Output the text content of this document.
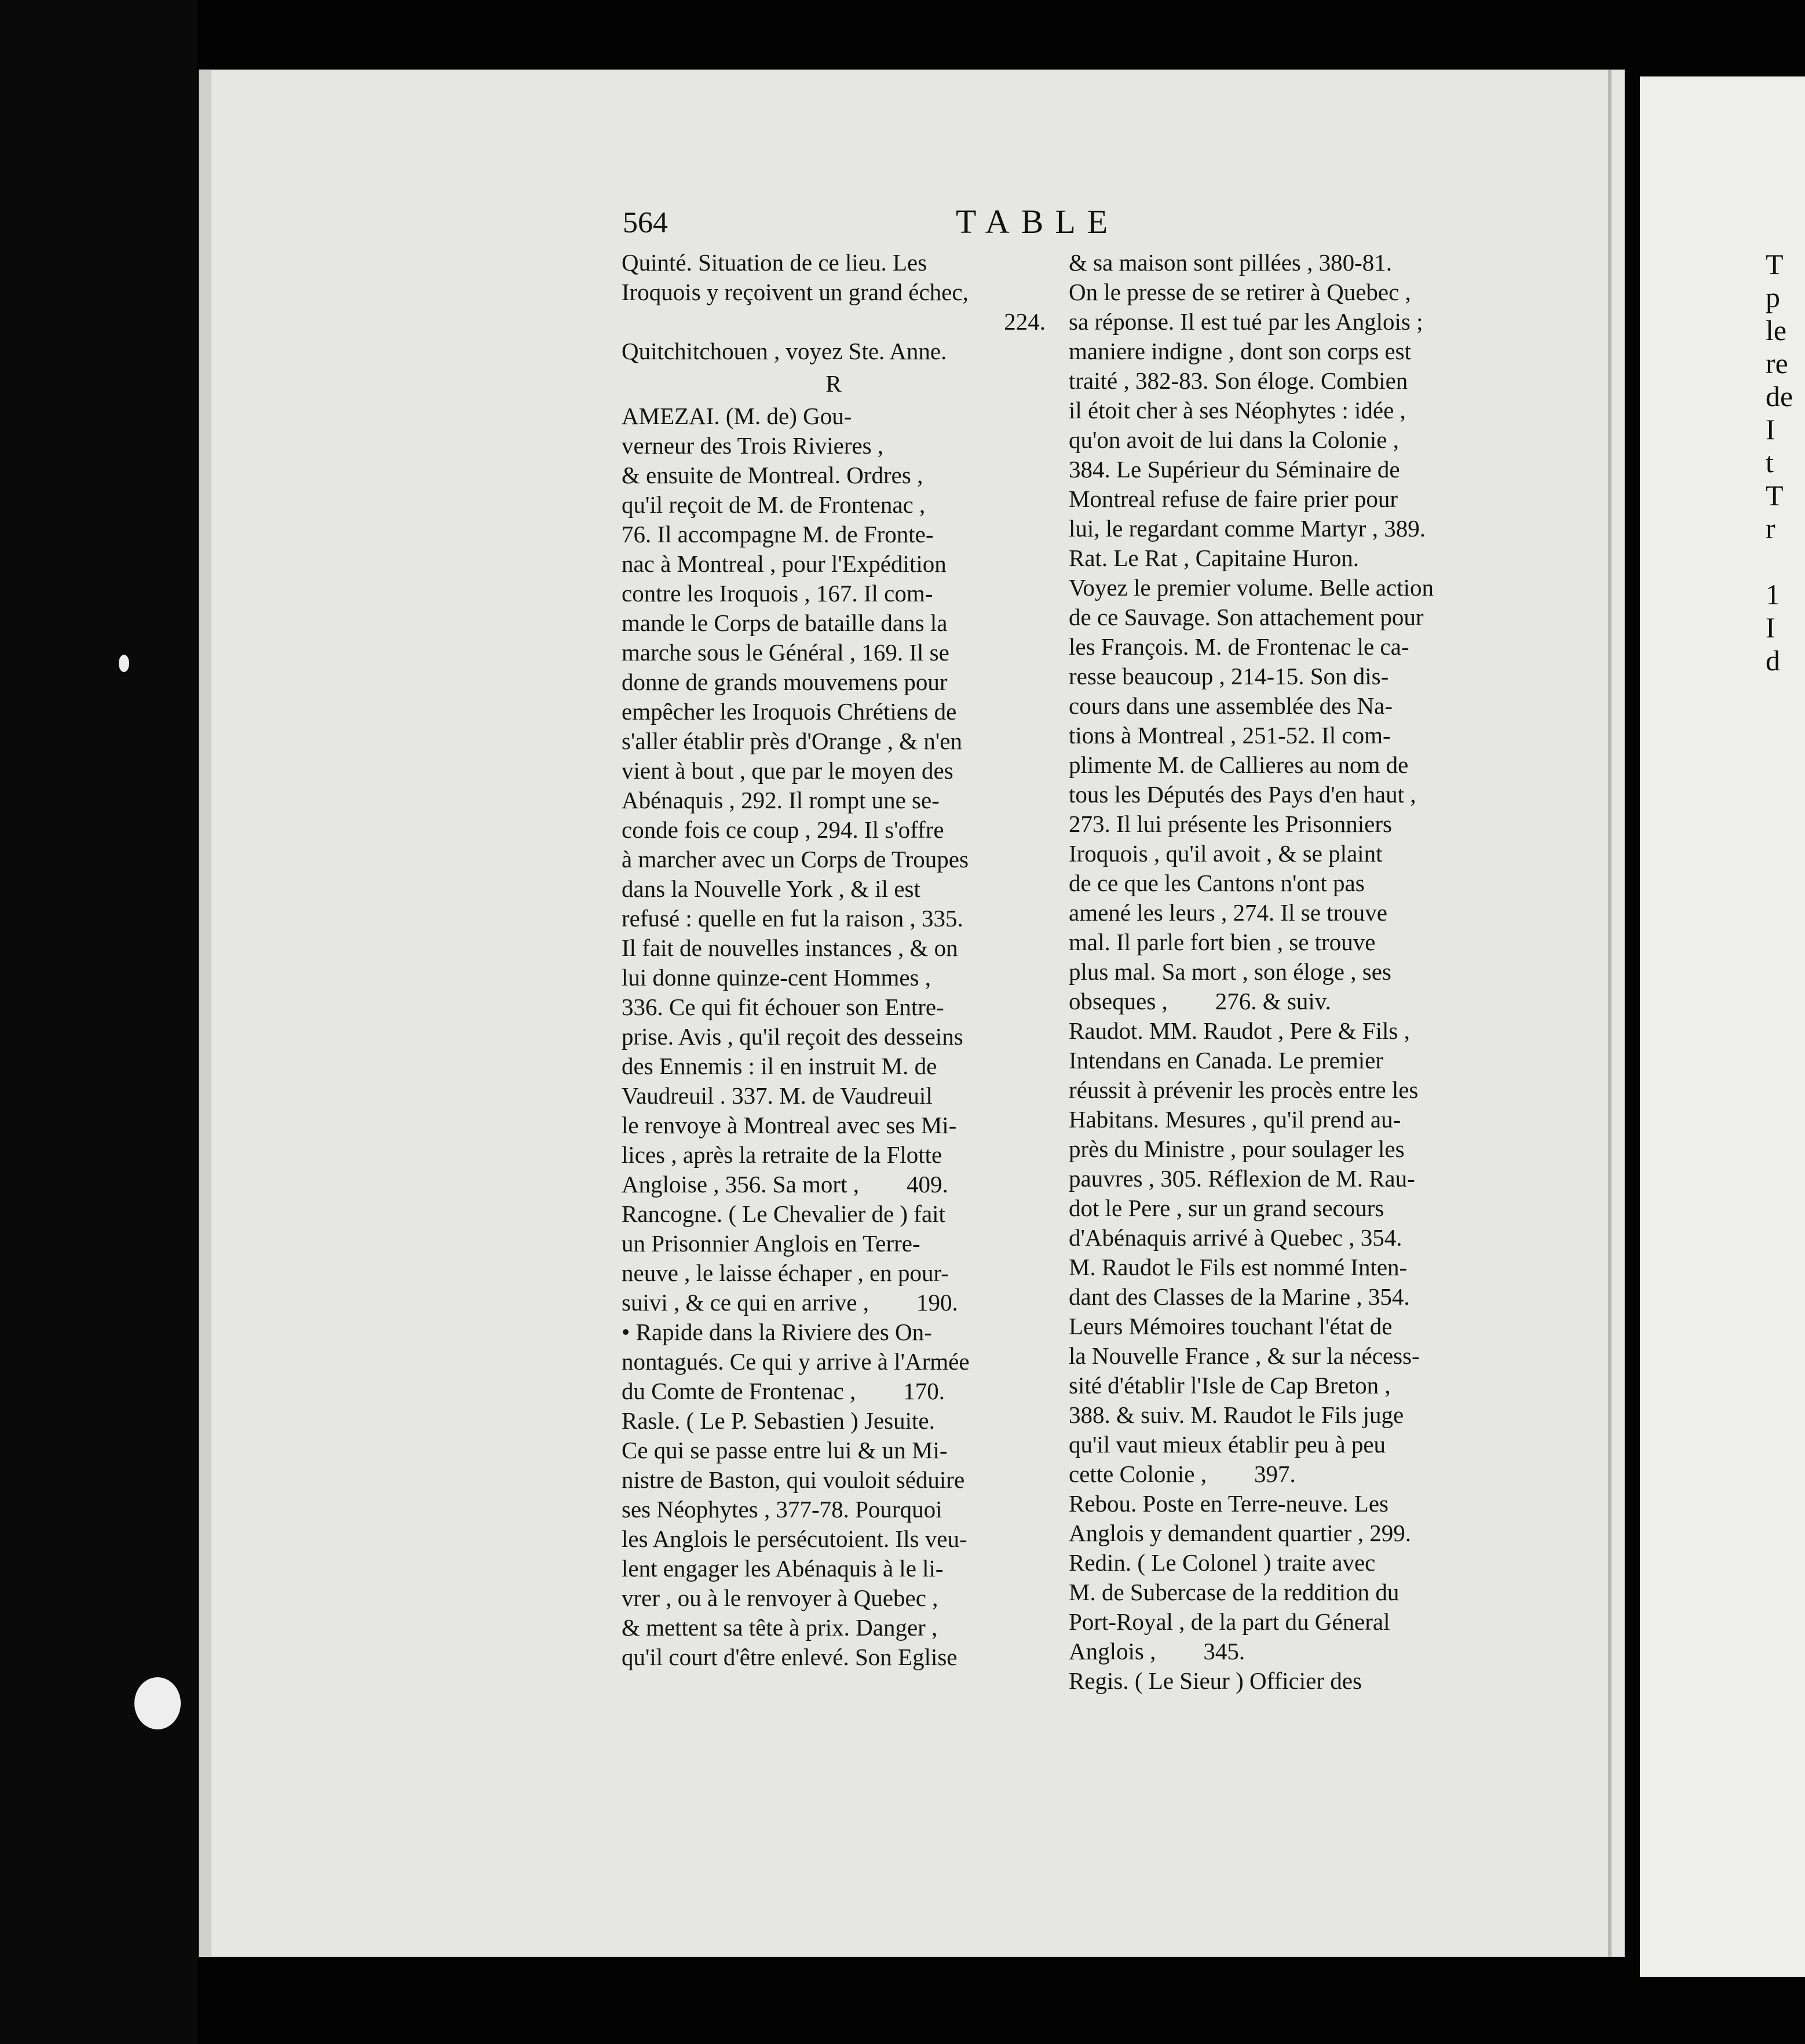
T
p
le
re
de
I
t
T
r
1
I
d
564	TABLE
Quinté. Situation de ce lieu. Les
Iroquois y reçoivent un grand échec,
224.
Quitchitchouen , voyez Ste. Anne.
R
AMEZAI. (M. de) Gou-
verneur des Trois Rivieres ,
& ensuite de Montreal. Ordres ,
qu'il reçoit de M. de Frontenac ,
76. Il accompagne M. de Fronte-
nac à Montreal , pour l'Expédition
contre les Iroquois , 167. Il com-
mande le Corps de bataille dans la
marche sous le Général , 169. Il se
donne de grands mouvemens pour
empêcher les Iroquois Chrétiens de
s'aller établir près d'Orange , & n'en
vient à bout , que par le moyen des
Abénaquis , 292. Il rompt une se-
conde fois ce coup , 294. Il s'offre
à marcher avec un Corps de Troupes
dans la Nouvelle York , & il est
refusé : quelle en fut la raison , 335.
Il fait de nouvelles instances , & on
lui donne quinze-cent Hommes ,
336. Ce qui fit échouer son Entre-
prise. Avis , qu'il reçoit des desseins
des Ennemis : il en instruit M. de
Vaudreuil . 337. M. de Vaudreuil
le renvoye à Montreal avec ses Mi-
lices , après la retraite de la Flotte
Angloise , 356. Sa mort ,        409.
Rancogne. ( Le Chevalier de ) fait
un Prisonnier Anglois en Terre-
neuve , le laisse échaper , en pour-
suivi , & ce qui en arrive ,        190.
• Rapide dans la Riviere des On-
nontagués. Ce qui y arrive à l'Armée
du Comte de Frontenac ,        170.
Rasle. ( Le P. Sebastien ) Jesuite.
Ce qui se passe entre lui & un Mi-
nistre de Baston, qui vouloit séduire
ses Néophytes , 377-78. Pourquoi
les Anglois le persécutoient. Ils veu-
lent engager les Abénaquis à le li-
vrer , ou à le renvoyer à Quebec ,
& mettent sa tête à prix. Danger ,
qu'il court d'être enlevé. Son Eglise
& sa maison sont pillées , 380-81.
On le presse de se retirer à Quebec ,
sa réponse. Il est tué par les Anglois ;
maniere indigne , dont son corps est
traité , 382-83. Son éloge. Combien
il étoit cher à ses Néophytes : idée ,
qu'on avoit de lui dans la Colonie ,
384. Le Supérieur du Séminaire de
Montreal refuse de faire prier pour
lui, le regardant comme Martyr , 389.
Rat. Le Rat , Capitaine Huron.
Voyez le premier volume. Belle action
de ce Sauvage. Son attachement pour
les François. M. de Frontenac le ca-
resse beaucoup , 214-15. Son dis-
cours dans une assemblée des Na-
tions à Montreal , 251-52. Il com-
plimente M. de Callieres au nom de
tous les Députés des Pays d'en haut ,
273. Il lui présente les Prisonniers
Iroquois , qu'il avoit , & se plaint
de ce que les Cantons n'ont pas
amené les leurs , 274. Il se trouve
mal. Il parle fort bien , se trouve
plus mal. Sa mort , son éloge , ses
obseques ,        276. & suiv.
Raudot. MM. Raudot , Pere & Fils ,
Intendans en Canada. Le premier
réussit à prévenir les procès entre les
Habitans. Mesures , qu'il prend au-
près du Ministre , pour soulager les
pauvres , 305. Réflexion de M. Rau-
dot le Pere , sur un grand secours
d'Abénaquis arrivé à Quebec , 354.
M. Raudot le Fils est nommé Inten-
dant des Classes de la Marine , 354.
Leurs Mémoires touchant l'état de
la Nouvelle France , & sur la nécess-
sité d'établir l'Isle de Cap Breton ,
388. & suiv. M. Raudot le Fils juge
qu'il vaut mieux établir peu à peu
cette Colonie ,        397.
Rebou. Poste en Terre-neuve. Les
Anglois y demandent quartier , 299.
Redin. ( Le Colonel ) traite avec
M. de Subercase de la reddition du
Port-Royal , de la part du Géneral
Anglois ,        345.
Regis. ( Le Sieur ) Officier des
